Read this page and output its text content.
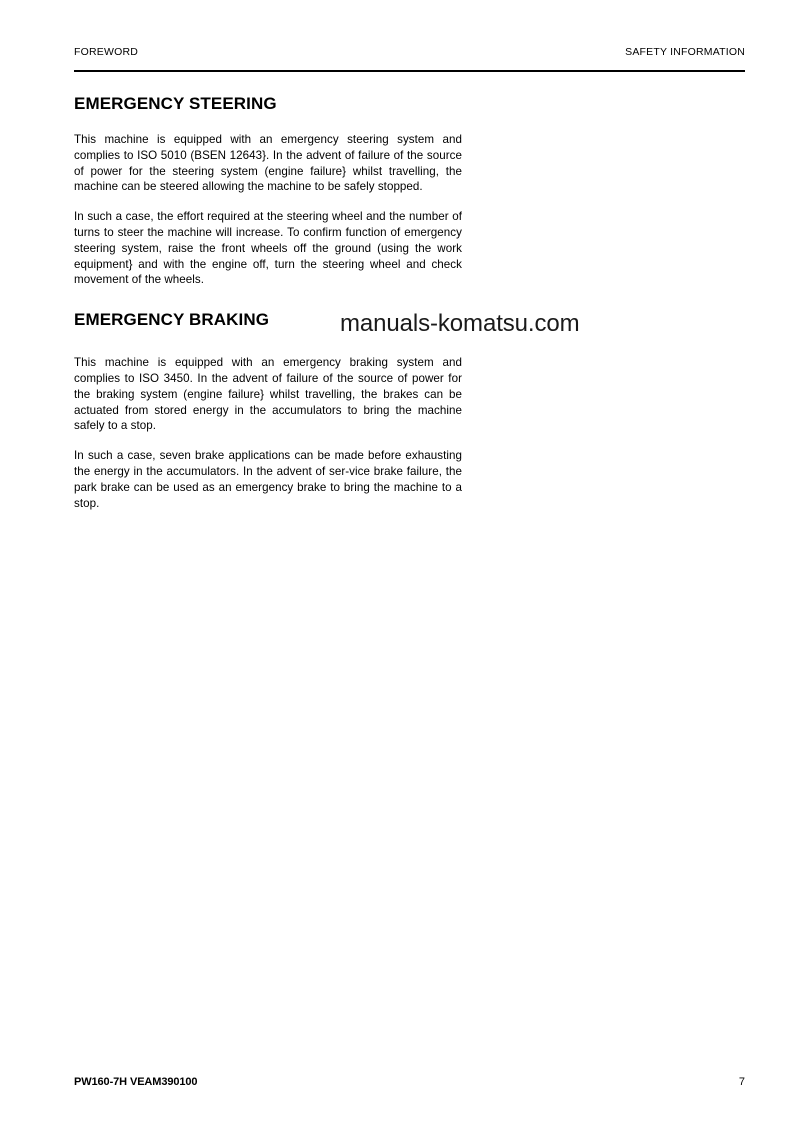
FOREWORD	SAFETY INFORMATION
EMERGENCY STEERING

This machine is equipped with an emergency steering system and complies to ISO 5010 (BSEN 12643}. In the advent of failure of the source of power for the steering system (engine failure} whilst travelling, the machine can be steered allowing the machine to be safely stopped.

In such a case, the effort required at the steering wheel and the number of turns to steer the machine will increase. To confirm function of emergency steering system, raise the front wheels off the ground (using the work equipment} and with the engine off, turn the steering wheel and check movement of the wheels.

EMERGENCY BRAKING

This machine is equipped with an emergency braking system and complies to ISO 3450. In the advent of failure of the source of power for the braking system (engine failure} whilst travelling, the brakes can be actuated from stored energy in the accumulators to bring the machine safely to a stop.

In such a case, seven brake applications can be made before exhausting the energy in the accumulators. In the advent of ser-vice brake failure, the park brake can be used as an emergency brake to bring the machine to a stop.

manuals-komatsu.com
PW160-7H VEAM390100	7
